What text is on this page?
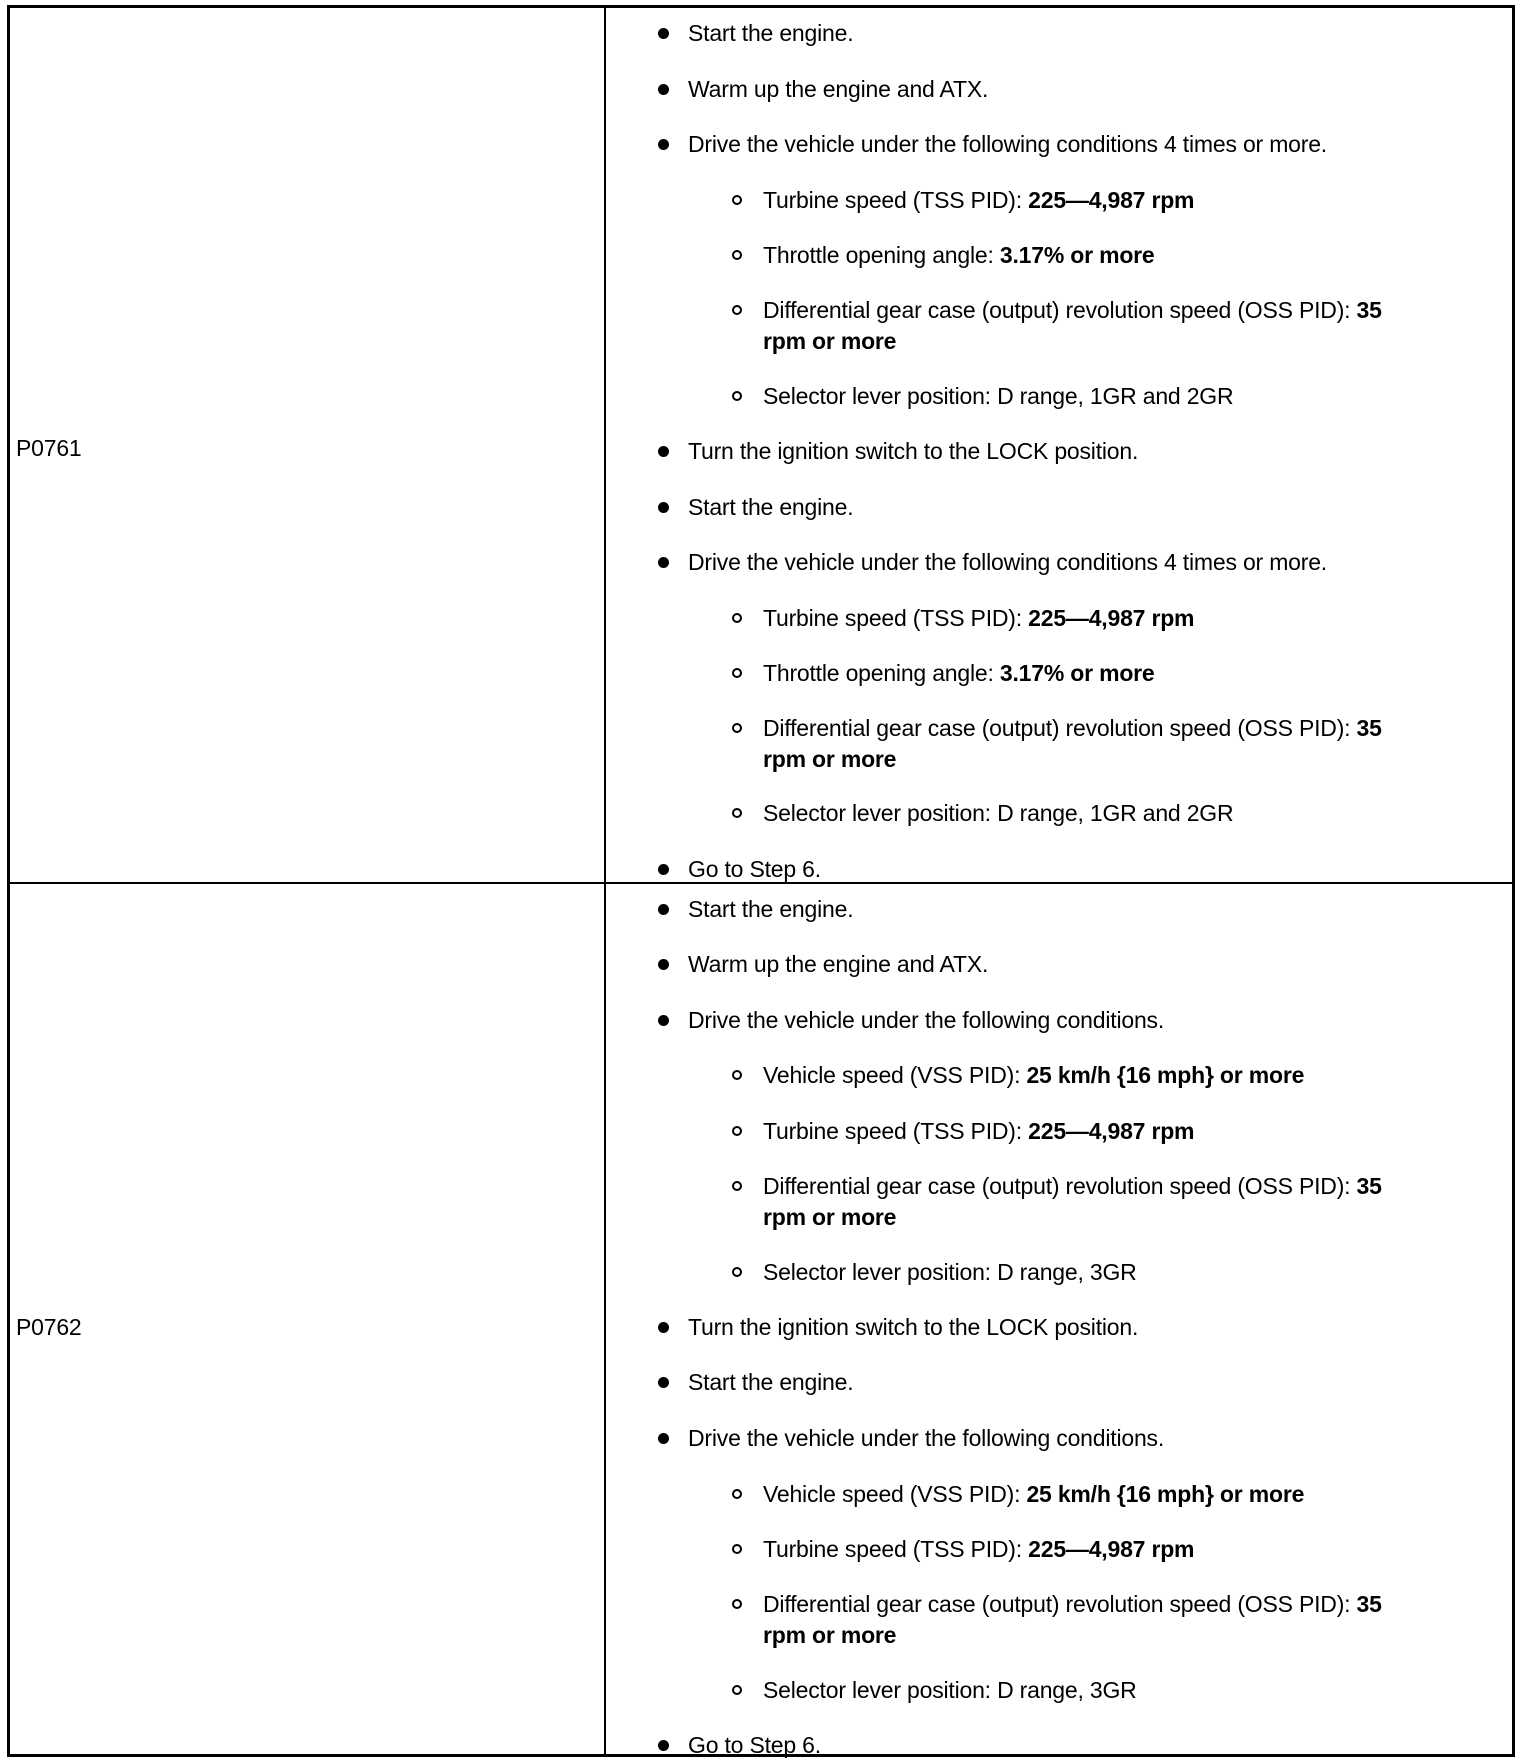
P0761
Start the engine.
Warm up the engine and ATX.
Drive the vehicle under the following conditions 4 times or more.
Turbine speed (TSS PID): 225—4,987 rpm
Throttle opening angle: 3.17% or more
Differential gear case (output) revolution speed (OSS PID): 35
rpm or more
Selector lever position: D range, 1GR and 2GR
Turn the ignition switch to the LOCK position.
Start the engine.
Drive the vehicle under the following conditions 4 times or more.
Turbine speed (TSS PID): 225—4,987 rpm
Throttle opening angle: 3.17% or more
Differential gear case (output) revolution speed (OSS PID): 35
rpm or more
Selector lever position: D range, 1GR and 2GR
Go to Step 6.
P0762
Start the engine.
Warm up the engine and ATX.
Drive the vehicle under the following conditions.
Vehicle speed (VSS PID): 25 km/h {16 mph} or more
Turbine speed (TSS PID): 225—4,987 rpm
Differential gear case (output) revolution speed (OSS PID): 35
rpm or more
Selector lever position: D range, 3GR
Turn the ignition switch to the LOCK position.
Start the engine.
Drive the vehicle under the following conditions.
Vehicle speed (VSS PID): 25 km/h {16 mph} or more
Turbine speed (TSS PID): 225—4,987 rpm
Differential gear case (output) revolution speed (OSS PID): 35
rpm or more
Selector lever position: D range, 3GR
Go to Step 6.
